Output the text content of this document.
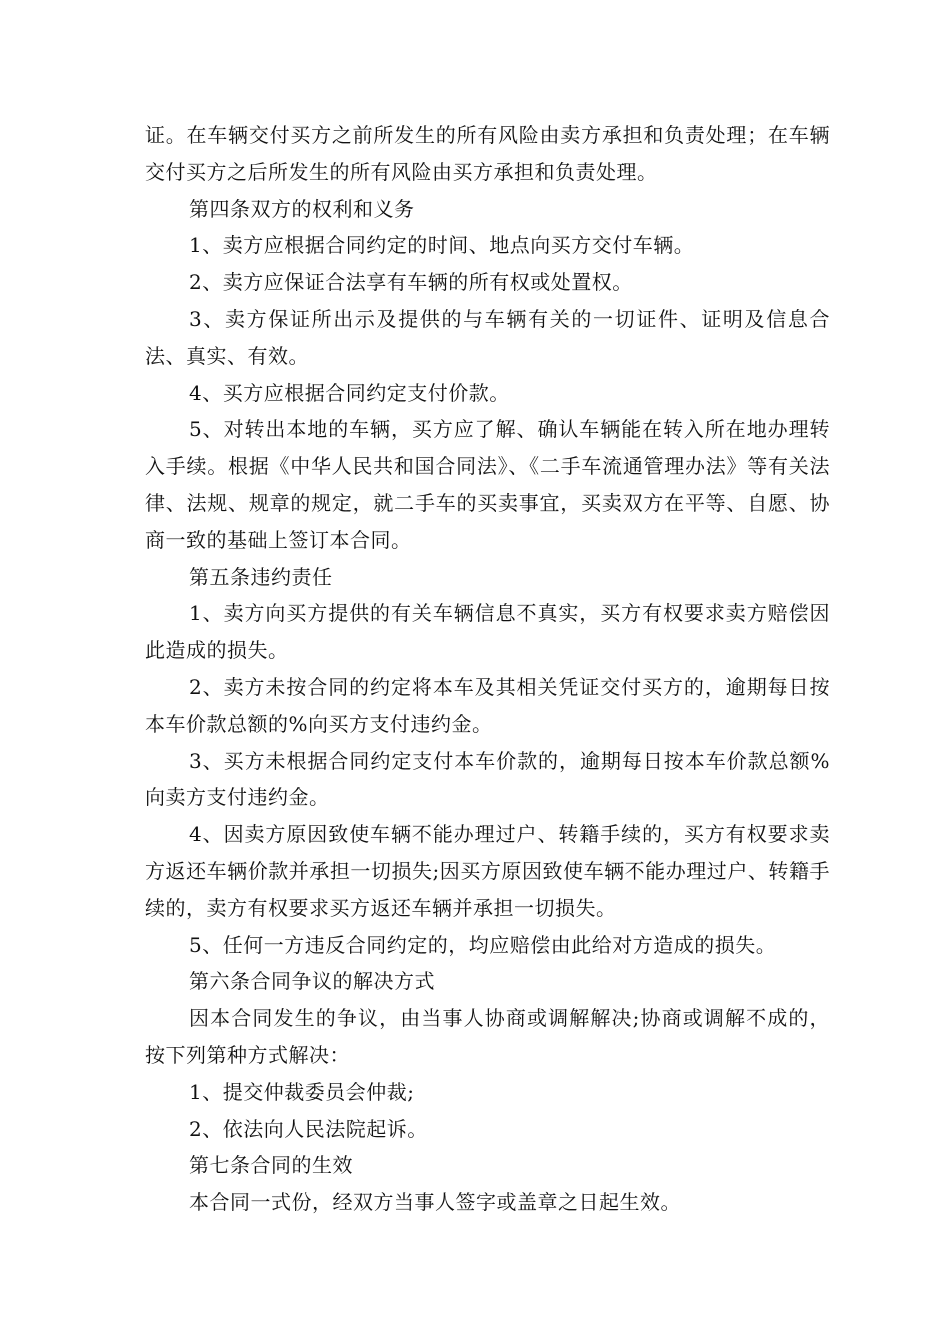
证。在车辆交付买方之前所发生的所有风险由卖方承担和负责处理；在车辆交付买方之后所发生的所有风险由买方承担和负责处理。

第四条双方的权利和义务

1、卖方应根据合同约定的时间、地点向买方交付车辆。

2、卖方应保证合法享有车辆的所有权或处置权。

3、卖方保证所出示及提供的与车辆有关的一切证件、证明及信息合法、真实、有效。

4、买方应根据合同约定支付价款。

5、对转出本地的车辆，买方应了解、确认车辆能在转入所在地办理转入手续。根据《中华人民共和国合同法》、《二手车流通管理办法》等有关法律、法规、规章的规定，就二手车的买卖事宜，买卖双方在平等、自愿、协商一致的基础上签订本合同。

第五条违约责任

1、卖方向买方提供的有关车辆信息不真实，买方有权要求卖方赔偿因此造成的损失。

2、卖方未按合同的约定将本车及其相关凭证交付买方的，逾期每日按本车价款总额的%向买方支付违约金。

3、买方未根据合同约定支付本车价款的，逾期每日按本车价款总额%向卖方支付违约金。

4、因卖方原因致使车辆不能办理过户、转籍手续的，买方有权要求卖方返还车辆价款并承担一切损失;因买方原因致使车辆不能办理过户、转籍手续的，卖方有权要求买方返还车辆并承担一切损失。

5、任何一方违反合同约定的，均应赔偿由此给对方造成的损失。

第六条合同争议的解决方式

因本合同发生的争议，由当事人协商或调解解决;协商或调解不成的，按下列第种方式解决：

1、提交仲裁委员会仲裁;

2、依法向人民法院起诉。

第七条合同的生效

本合同一式份，经双方当事人签字或盖章之日起生效。
